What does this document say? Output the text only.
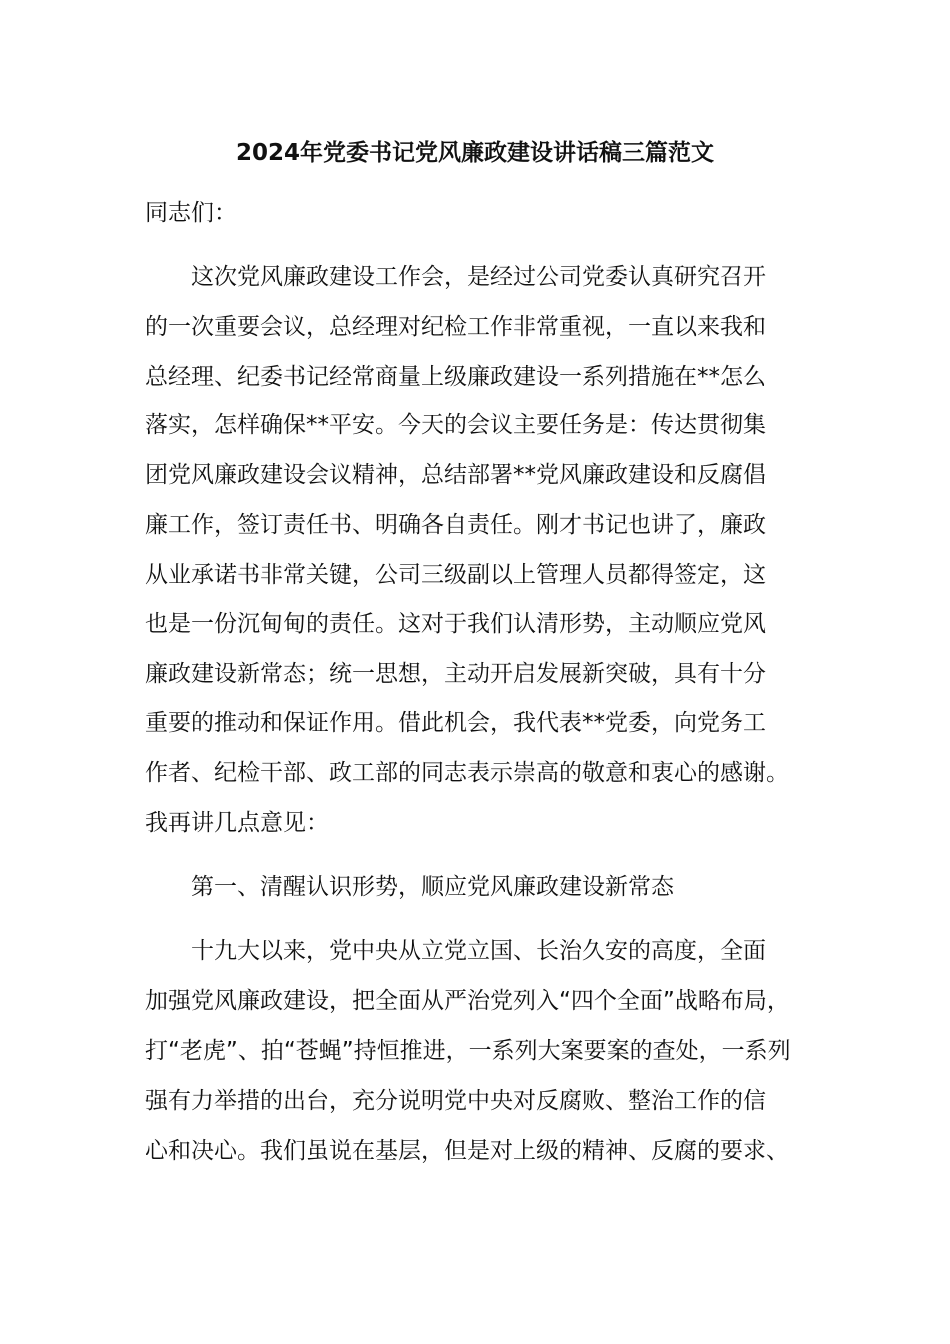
2024年党委书记党风廉政建设讲话稿三篇范文
同志们：
　　这次党风廉政建设工作会，是经过公司党委认真研究召开
的一次重要会议，总经理对纪检工作非常重视，一直以来我和
总经理、纪委书记经常商量上级廉政建设一系列措施在**怎么
落实，怎样确保**平安。今天的会议主要任务是：传达贯彻集
团党风廉政建设会议精神，总结部署**党风廉政建设和反腐倡
廉工作，签订责任书、明确各自责任。刚才书记也讲了，廉政
从业承诺书非常关键，公司三级副以上管理人员都得签定，这
也是一份沉甸甸的责任。这对于我们认清形势，主动顺应党风
廉政建设新常态；统一思想，主动开启发展新突破，具有十分
重要的推动和保证作用。借此机会，我代表**党委，向党务工
作者、纪检干部、政工部的同志表示崇高的敬意和衷心的感谢。
我再讲几点意见：
　　第一、清醒认识形势，顺应党风廉政建设新常态
　　十九大以来，党中央从立党立国、长治久安的高度，全面
加强党风廉政建设，把全面从严治党列入“四个全面”战略布局，
打“老虎”、拍“苍蝇”持恒推进，一系列大案要案的查处，一系列
强有力举措的出台，充分说明党中央对反腐败、整治工作的信
心和决心。我们虽说在基层，但是对上级的精神、反腐的要求、
